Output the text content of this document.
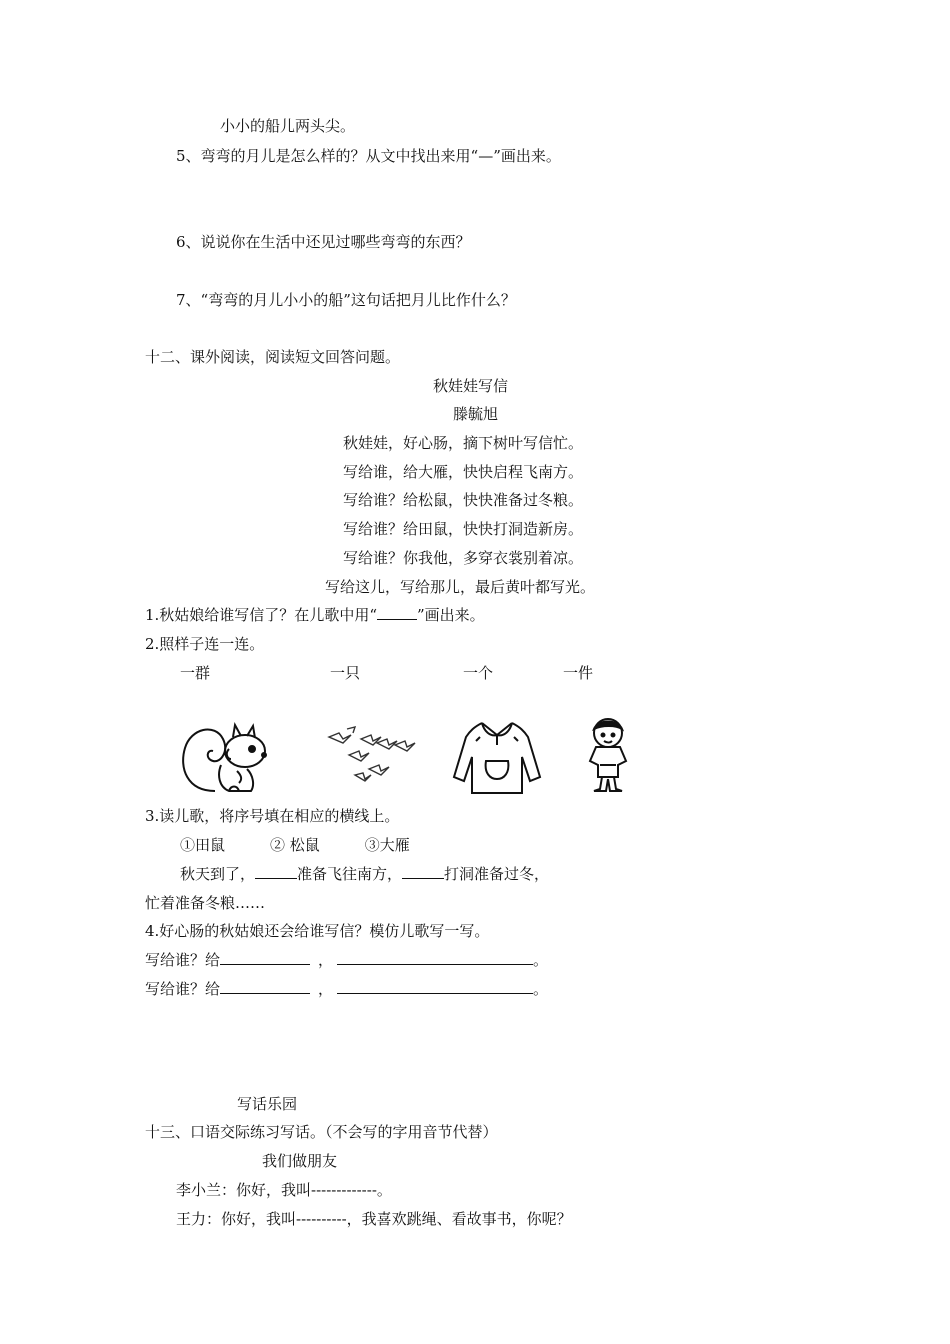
小小的船儿两头尖。
5、弯弯的月儿是怎么样的？从文中找出来用“—”画出来。
6、说说你在生活中还见过哪些弯弯的东西？
7、“弯弯的月儿小小的船”这句话把月儿比作什么？
十二、课外阅读，阅读短文回答问题。
秋娃娃写信
滕毓旭
秋娃娃，好心肠，摘下树叶写信忙。
写给谁，给大雁，快快启程飞南方。
写给谁？给松鼠，快快准备过冬粮。
写给谁？给田鼠，快快打洞造新房。
写给谁？你我他，多穿衣裳别着凉。
写给这儿，写给那儿，最后黄叶都写光。
1.秋姑娘给谁写信了？在儿歌中用“	”画出来。
2.照样子连一连。
一群	一只	一个	一件
3.读儿歌，将序号填在相应的横线上。
①田鼠　　　② 松鼠　　　③大雁
秋天到了，	准备飞往南方，	打洞准备过冬，
忙着准备冬粮……
4.好心肠的秋姑娘还会给谁写信？模仿儿歌写一写。
写给谁？给	，	。
写给谁？给	，	。
写话乐园
十三、口语交际练习写话。（不会写的字用音节代替）
我们做朋友
李小兰：你好，我叫-------------。
王力：你好，我叫----------，我喜欢跳绳、看故事书，你呢？
